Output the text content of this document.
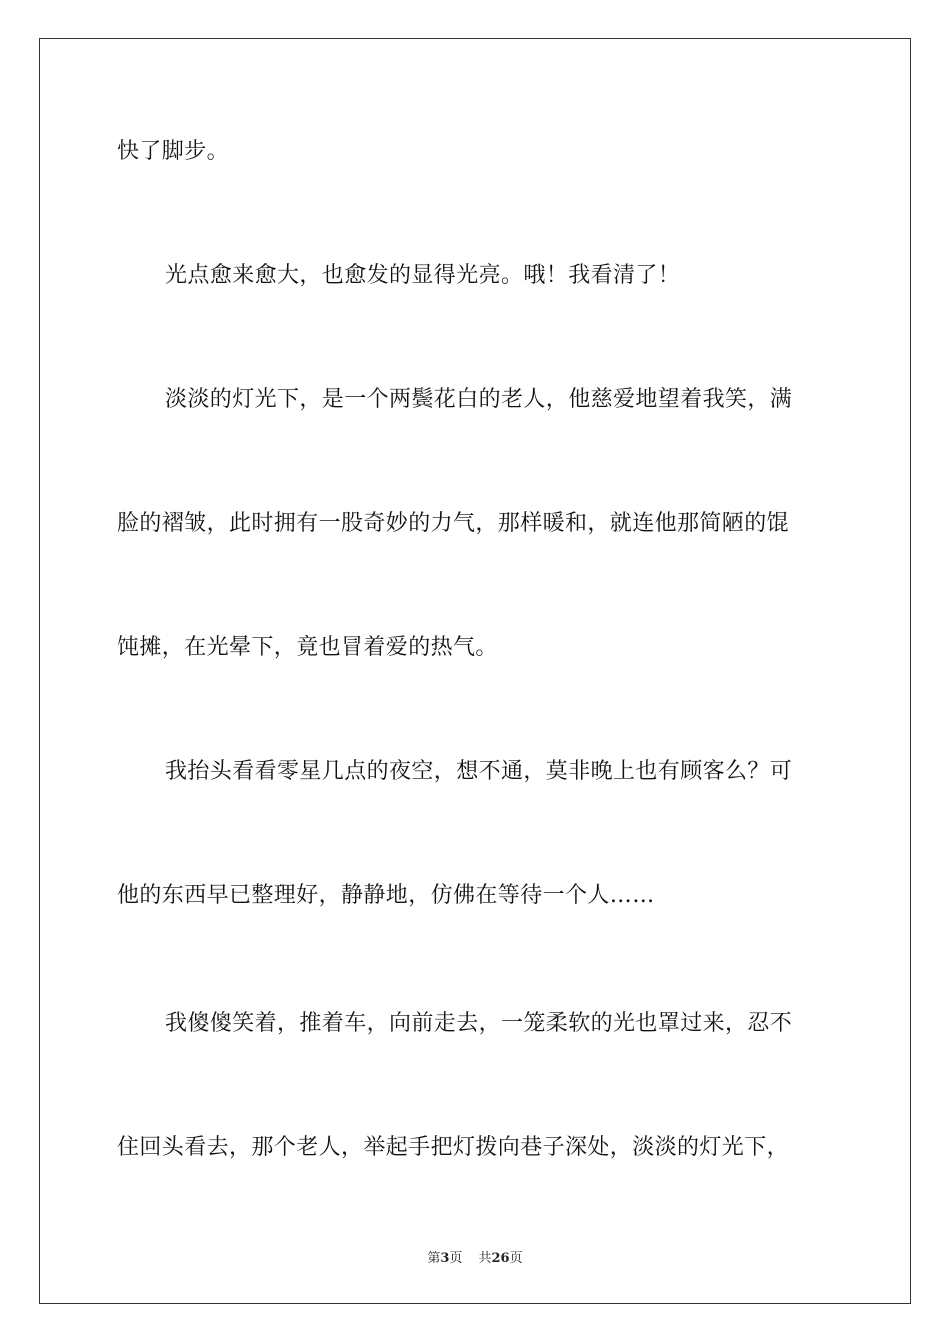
快了脚步。
光点愈来愈大，也愈发的显得光亮。哦！我看清了！
淡淡的灯光下，是一个两鬓花白的老人，他慈爱地望着我笑，满
脸的褶皱，此时拥有一股奇妙的力气，那样暖和，就连他那简陋的馄
饨摊，在光晕下，竟也冒着爱的热气。
我抬头看看零星几点的夜空，想不通，莫非晚上也有顾客么？可
他的东西早已整理好，静静地，仿佛在等待一个人……
我傻傻笑着，推着车，向前走去，一笼柔软的光也罩过来，忍不
住回头看去，那个老人，举起手把灯拨向巷子深处，淡淡的灯光下，
第3页 共26页
